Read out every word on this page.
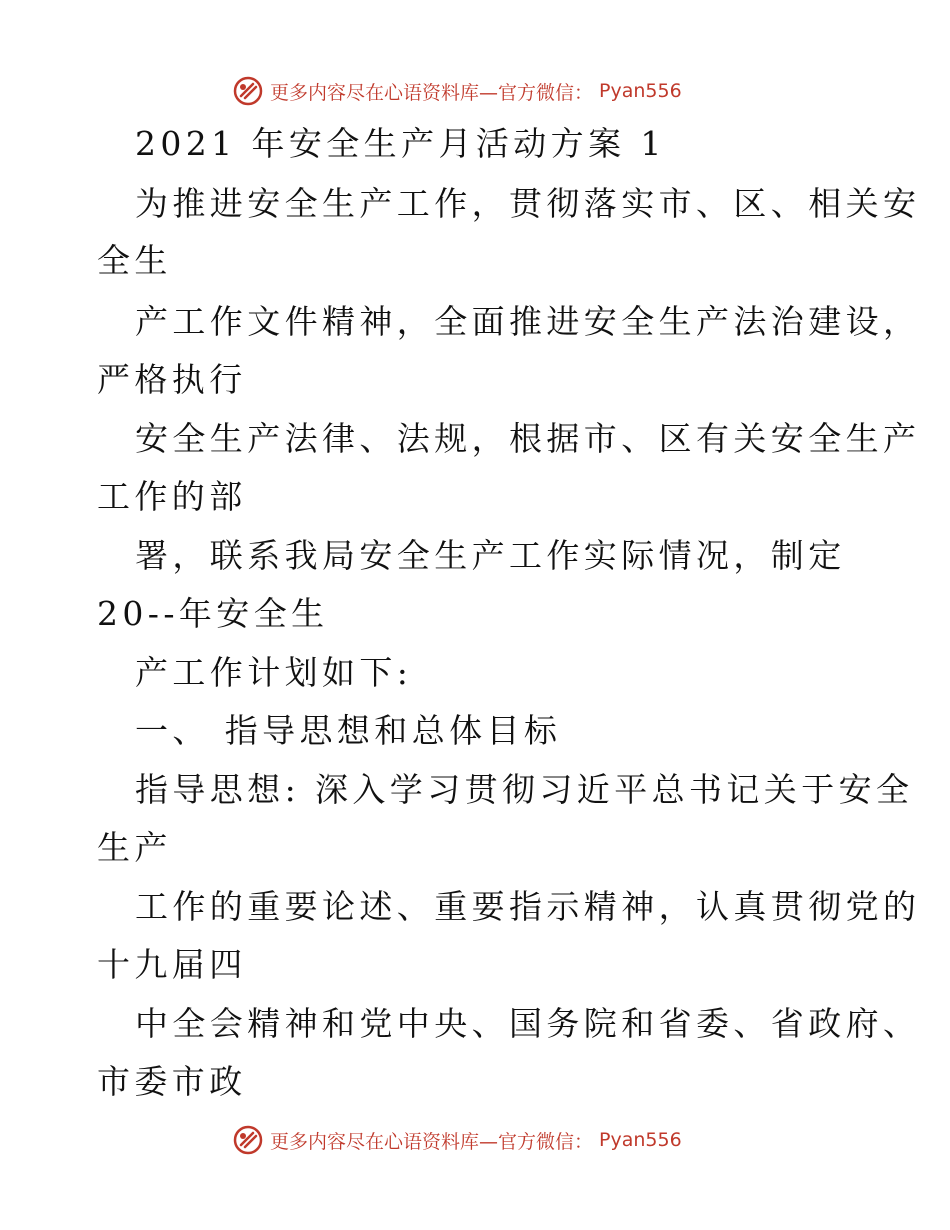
更多内容尽在心语资料库—官方微信： Pyan556
2021 年安全生产月活动方案 1
为推进安全生产工作，贯彻落实市、区、相关安
全生
产工作文件精神，全面推进安全生产法治建设，
严格执行
安全生产法律、法规，根据市、区有关安全生产
工作的部
署，联系我局安全生产工作实际情况，制定
20--年安全生
产工作计划如下:
一、 指导思想和总体目标
指导思想: 深入学习贯彻习近平总书记关于安全
生产
工作的重要论述、重要指示精神，认真贯彻党的
十九届四
中全会精神和党中央、国务院和省委、省政府、
市委市政
更多内容尽在心语资料库—官方微信： Pyan556
